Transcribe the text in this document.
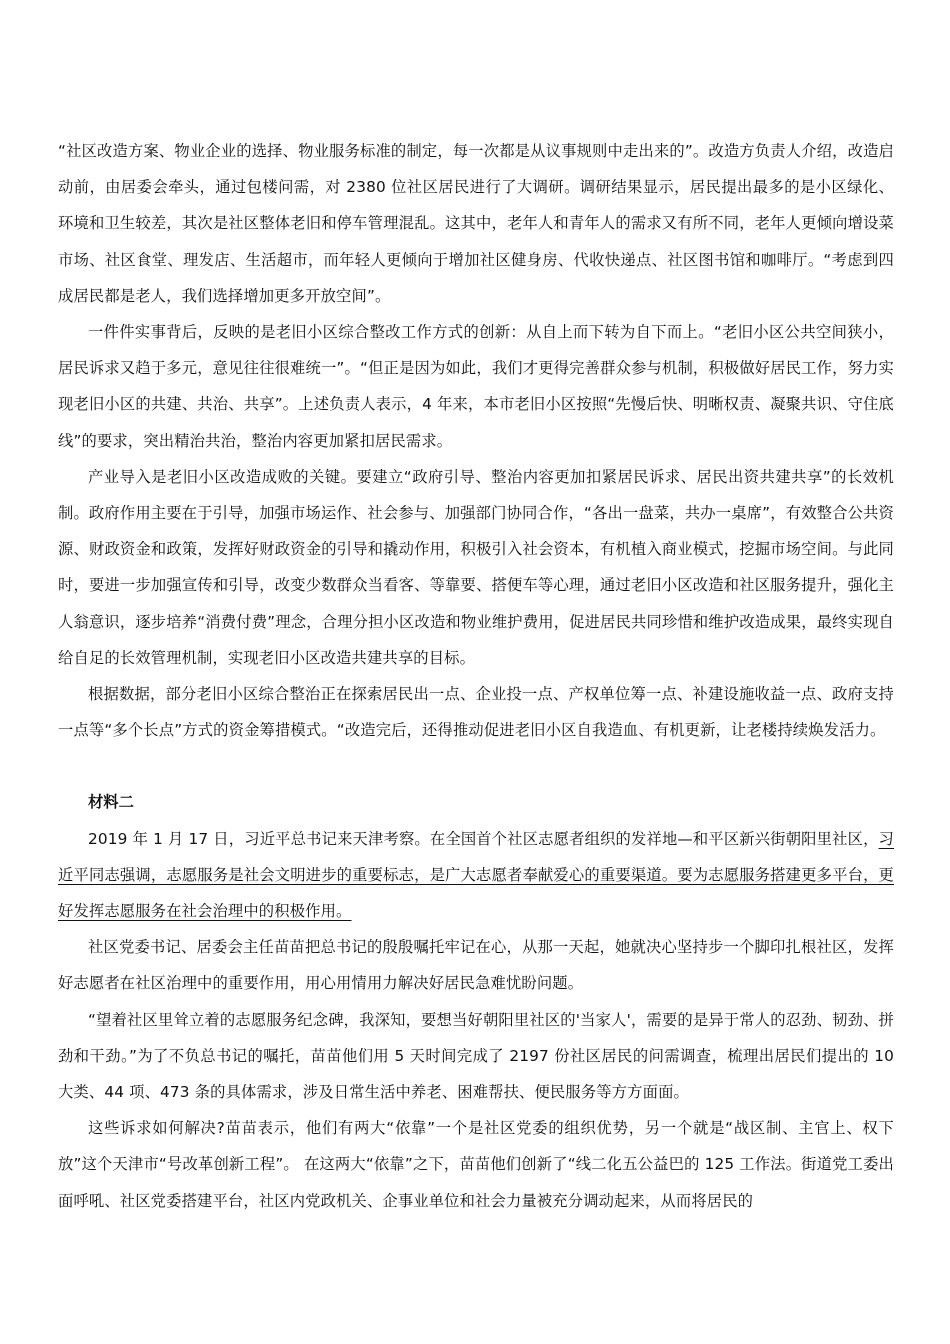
“社区改造方案、物业企业的选择、物业服务标准的制定，每一次都是从议事规则中走出来的”。改造方负责人介绍，改造启动前，由居委会牵头，通过包楼问需，对 2380 位社区居民进行了大调研。调研结果显示，居民提出最多的是小区绿化、环境和卫生较差，其次是社区整体老旧和停车管理混乱。这其中，老年人和青年人的需求又有所不同，老年人更倾向增设菜市场、社区食堂、理发店、生活超市，而年轻人更倾向于增加社区健身房、代收快递点、社区图书馆和咖啡厅。“考虑到四成居民都是老人，我们选择增加更多开放空间”。

一件件实事背后，反映的是老旧小区综合整改工作方式的创新：从自上而下转为自下而上。“老旧小区公共空间狭小，居民诉求又趋于多元，意见往往很难统一”。“但正是因为如此，我们才更得完善群众参与机制，积极做好居民工作，努力实现老旧小区的共建、共治、共享”。上述负责人表示，4 年来，本市老旧小区按照“先慢后快、明晰权责、凝聚共识、守住底线”的要求，突出精治共治，整治内容更加紧扣居民需求。

产业导入是老旧小区改造成败的关键。要建立“政府引导、整治内容更加扣紧居民诉求、居民出资共建共享”的长效机制。政府作用主要在于引导，加强市场运作、社会参与、加强部门协同合作，“各出一盘菜，共办一桌席”，有效整合公共资源、财政资金和政策，发挥好财政资金的引导和撬动作用，积极引入社会资本，有机植入商业模式，挖掘市场空间。与此同时，要进一步加强宣传和引导，改变少数群众当看客、等靠要、搭便车等心理，通过老旧小区改造和社区服务提升，强化主人翁意识，逐步培养“消费付费”理念，合理分担小区改造和物业维护费用，促进居民共同珍惜和维护改造成果，最终实现自给自足的长效管理机制，实现老旧小区改造共建共享的目标。

根据数据，部分老旧小区综合整治正在探索居民出一点、企业投一点、产权单位筹一点、补建设施收益一点、政府支持一点等“多个长点”方式的资金筹措模式。“改造完后，还得推动促进老旧小区自我造血、有机更新，让老楼持续焕发活力。

材料二

2019 年 1 月 17 日，习近平总书记来天津考察。在全国首个社区志愿者组织的发祥地—和平区新兴街朝阳里社区，习近平同志强调，志愿服务是社会文明进步的重要标志，是广大志愿者奉献爱心的重要渠道。要为志愿服务搭建更多平台，更好发挥志愿服务在社会治理中的积极作用。

社区党委书记、居委会主任苗苗把总书记的殷殷嘱托牢记在心，从那一天起，她就决心坚持步一个脚印扎根社区，发挥好志愿者在社区治理中的重要作用，用心用情用力解决好居民急难忧盼问题。

“望着社区里耸立着的志愿服务纪念碑，我深知，要想当好朝阳里社区的'当家人'，需要的是异于常人的忍劲、韧劲、拼劲和干劲。”为了不负总书记的嘱托，苗苗他们用 5 天时间完成了 2197 份社区居民的问需调查，梳理出居民们提出的 10 大类、44 项、473 条的具体需求，涉及日常生活中养老、困难帮扶、便民服务等方方面面。

这些诉求如何解决?苗苗表示，他们有两大“依靠”一个是社区党委的组织优势，另一个就是“战区制、主官上、权下放”这个天津市“号改革创新工程”。 在这两大“依靠”之下，苗苗他们创新了“线二化五公益巴的 125 工作法。街道党工委出面呼吼、社区党委搭建平台，社区内党政机关、企事业单位和社会力量被充分调动起来，从而将居民的
